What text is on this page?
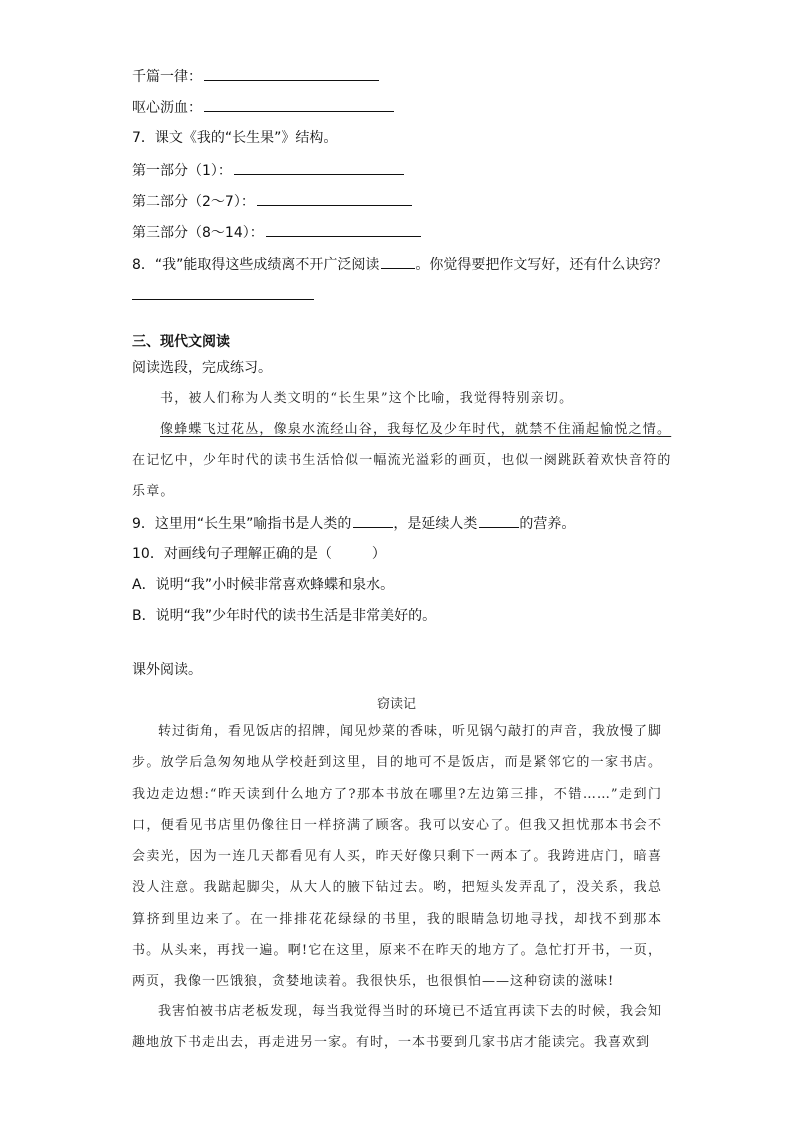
千篇一律：
呕心沥血：
7．课文《我的“长生果”》结构。
第一部分（1）：
第二部分（2～7）：
第三部分（8～14）：
8．“我”能取得这些成绩离不开广泛阅读	。你觉得要把作文写好，还有什么诀窍？
三、现代文阅读
阅读选段，完成练习。
书，被人们称为人类文明的“长生果”这个比喻，我觉得特别亲切。
像蜂蝶飞过花丛，像泉水流经山谷，我每忆及少年时代，就禁不住涌起愉悦之情。
在记忆中，少年时代的读书生活恰似一幅流光溢彩的画页，也似一阕跳跃着欢快音符的
乐章。
9．这里用“长生果”喻指书是人类的	，是延续人类	的营养。
10．对画线句子理解正确的是（	）
A．说明“我”小时候非常喜欢蜂蝶和泉水。
B．说明“我”少年时代的读书生活是非常美好的。
课外阅读。
窃读记
转过街角，看见饭店的招牌，闻见炒菜的香味，听见锅勺敲打的声音，我放慢了脚步。放学后急匆匆地从学校赶到这里，目的地可不是饭店，而是紧邻它的一家书店。我边走边想:“昨天读到什么地方了?那本书放在哪里?左边第三排，不错……”走到门口，便看见书店里仍像往日一样挤满了顾客。我可以安心了。但我又担忧那本书会不会卖光，因为一连几天都看见有人买，昨天好像只剩下一两本了。我跨进店门，暗喜没人注意。我踮起脚尖，从大人的腋下钻过去。哟，把短头发弄乱了，没关系，我总算挤到里边来了。在一排排花花绿绿的书里，我的眼睛急切地寻找，却找不到那本书。从头来，再找一遍。啊!它在这里，原来不在昨天的地方了。急忙打开书，一页，两页，我像一匹饿狼，贪婪地读着。我很快乐，也很惧怕——这种窃读的滋味!
我害怕被书店老板发现，每当我觉得当时的环境已不适宜再读下去的时候，我会知趣地放下书走出去，再走进另一家。有时，一本书要到几家书店才能读完。我喜欢到
